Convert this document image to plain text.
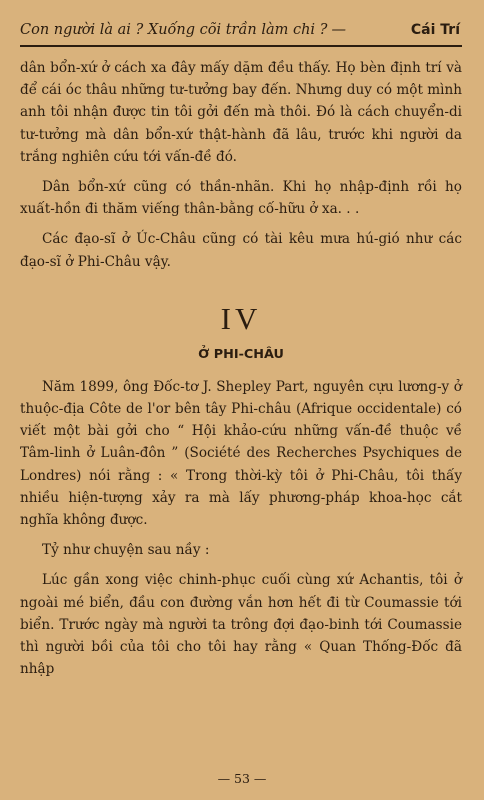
Con người là ai ? Xuống cõi trần làm chi ? —	Cái Trí

dân bổn-xứ ở cách xa đây mấy dặm đều thấy. Họ bèn định trí và để cái óc thâu những tư-tưởng bay đến. Nhưng duy có một mình anh tôi nhận được tin tôi gởi đến mà thôi. Đó là cách chuyển-di tư-tưởng mà dân bổn-xứ thật-hành đã lâu, trước khi người da trắng nghiên cứu tới vấn-đề đó.

Dân bổn-xứ cũng có thần-nhãn. Khi họ nhập-định rồi họ xuất-hồn đi thăm viếng thân-bằng cố-hữu ở xa. . .

Các đạo-sĩ ở Úc-Châu cũng có tài kêu mưa hú-gió như các đạo-sĩ ở Phi-Châu vậy.

IV
Ở PHI-CHÂU

Năm 1899, ông Đốc-tơ J. Shepley Part, nguyên cựu lương-y ở thuộc-địa Côte de l'or bên tây Phi-châu (Afrique occidentale) có viết một bài gởi cho “ Hội khảo-cứu những vấn-đề thuộc về Tâm-linh ở Luân-đôn ” (Société des Recherches Psychiques de Londres) nói rằng : « Trong thời-kỳ tôi ở Phi-Châu, tôi thấy nhiều hiện-tượng xảy ra mà lấy phương-pháp khoa-học cắt nghĩa không được.

Tỷ như chuyện sau nầy :

Lúc gần xong việc chinh-phục cuối cùng xứ Achantis, tôi ở ngoài mé biển, đầu con đường vắn hơn hết đi từ Coumassie tới biển. Trước ngày mà người ta trông đợi đạo-binh tới Coumassie thì người bồi của tôi cho tôi hay rằng « Quan Thống-Đốc đã nhập

— 53 —
